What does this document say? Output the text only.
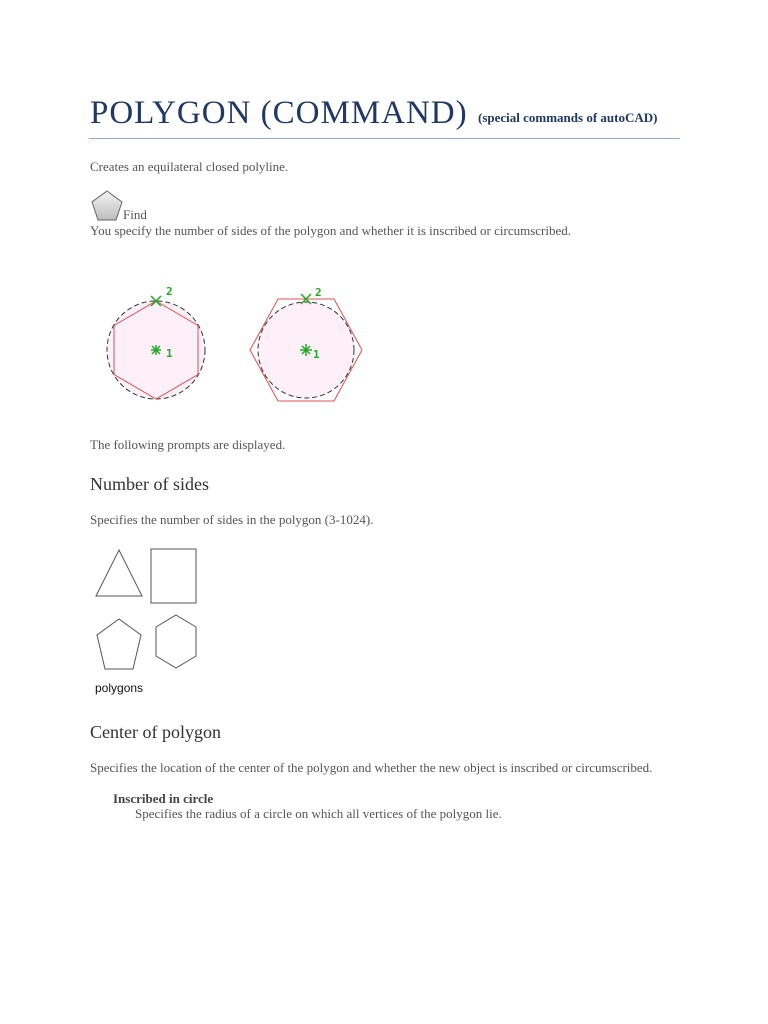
POLYGON (COMMAND) (special commands of autoCAD)
Creates an equilateral closed polyline.
Find
You specify the number of sides of the polygon and whether it is inscribed or circumscribed.
2
1
2
1
The following prompts are displayed.
Number of sides
Specifies the number of sides in the polygon (3-1024).
polygons
Center of polygon
Specifies the location of the center of the polygon and whether the new object is inscribed or circumscribed.
Inscribed in circle
Specifies the radius of a circle on which all vertices of the polygon lie.
